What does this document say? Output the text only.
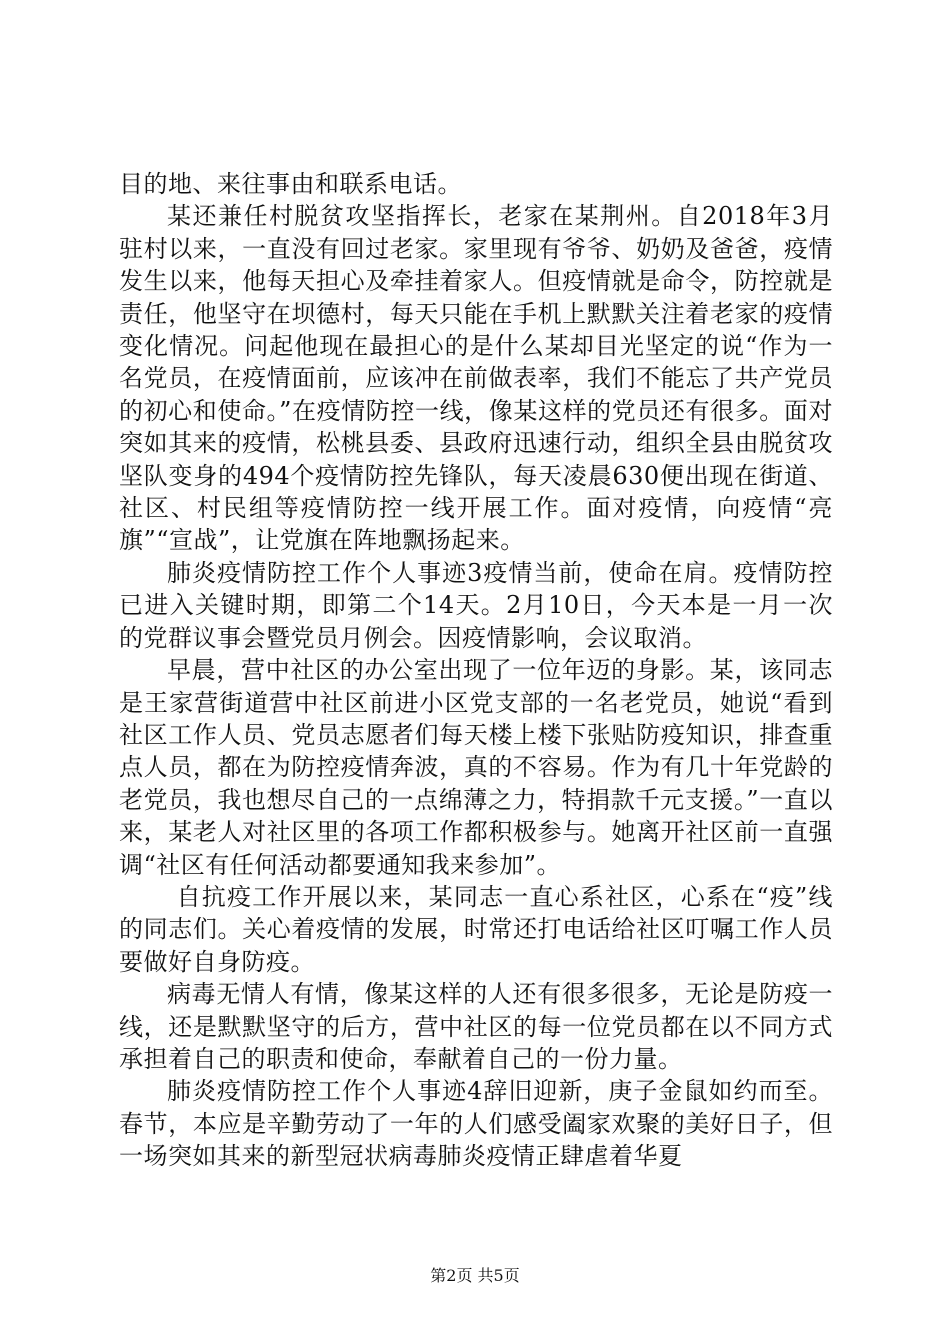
目的地、来往事由和联系电话。

某还兼任村脱贫攻坚指挥长，老家在某荆州。自2018年3月驻村以来，一直没有回过老家。家里现有爷爷、奶奶及爸爸，疫情发生以来，他每天担心及牵挂着家人。但疫情就是命令，防控就是责任，他坚守在坝德村，每天只能在手机上默默关注着老家的疫情变化情况。问起他现在最担心的是什么某却目光坚定的说“作为一名党员，在疫情面前，应该冲在前做表率，我们不能忘了共产党员的初心和使命。”在疫情防控一线，像某这样的党员还有很多。面对突如其来的疫情，松桃县委、县政府迅速行动，组织全县由脱贫攻坚队变身的494个疫情防控先锋队，每天凌晨630便出现在街道、社区、村民组等疫情防控一线开展工作。面对疫情，向疫情“亮旗”“宣战”，让党旗在阵地飘扬起来。

肺炎疫情防控工作个人事迹3疫情当前，使命在肩。疫情防控已进入关键时期，即第二个14天。2月10日，今天本是一月一次的党群议事会暨党员月例会。因疫情影响，会议取消。

早晨，营中社区的办公室出现了一位年迈的身影。某，该同志是王家营街道营中社区前进小区党支部的一名老党员，她说“看到社区工作人员、党员志愿者们每天楼上楼下张贴防疫知识，排查重点人员，都在为防控疫情奔波，真的不容易。作为有几十年党龄的老党员，我也想尽自己的一点绵薄之力，特捐款千元支援。”一直以来，某老人对社区里的各项工作都积极参与。她离开社区前一直强调“社区有任何活动都要通知我来参加”。

自抗疫工作开展以来，某同志一直心系社区，心系在“疫”线的同志们。关心着疫情的发展，时常还打电话给社区叮嘱工作人员要做好自身防疫。

病毒无情人有情，像某这样的人还有很多很多，无论是防疫一线，还是默默坚守的后方，营中社区的每一位党员都在以不同方式承担着自己的职责和使命，奉献着自己的一份力量。

肺炎疫情防控工作个人事迹4辞旧迎新，庚子金鼠如约而至。春节，本应是辛勤劳动了一年的人们感受阖家欢聚的美好日子，但一场突如其来的新型冠状病毒肺炎疫情正肆虐着华夏

第2页 共5页
